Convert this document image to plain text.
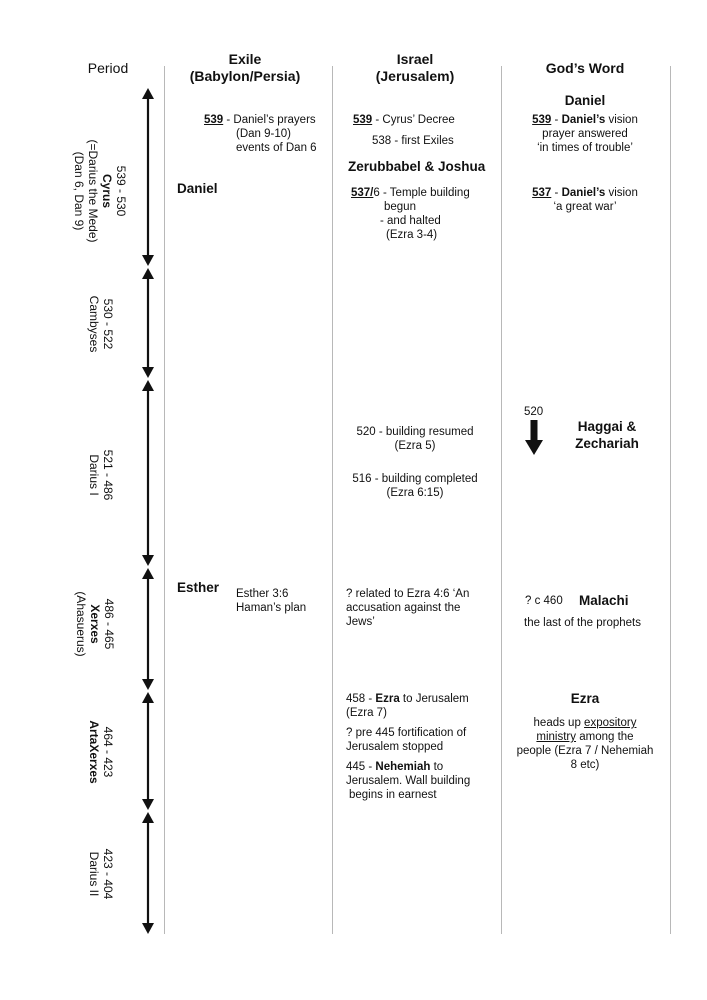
Period
Exile
(Babylon/Persia)
Israel
(Jerusalem)	God’s Word
539 - 530
Cyrus
(=Darius the Mede)
(Dan 6, Dan 9)
530 - 522
Cambyses
521 - 486
Darius I
486 - 465
Xerxes
(Ahasuerus)
464 - 423
ArtaXerxes
423 - 404
Darius II
539 - Daniel’s prayers
(Dan 9-10)
events of Dan 6
Daniel
Esther Esther 3:6
Haman’s plan
539 - Cyrus’ Decree
538 - first Exiles
Zerubbabel & Joshua
537/6 - Temple building
begun
- and halted
(Ezra 3-4)
520 - building resumed
(Ezra 5)
516 - building completed
(Ezra 6:15)
? related to Ezra 4:6 ‘An
accusation against the
Jews’
458 - Ezra to Jerusalem
(Ezra 7)
? pre 445 fortification of
Jerusalem stopped
445 - Nehemiah to
Jerusalem. Wall building
begins in earnest
Daniel
539 - Daniel’s vision
prayer answered
‘in times of trouble’
537 - Daniel’s vision
‘a great war’
520
Haggai &
Zechariah
? c 460 Malachi
the last of the prophets
Ezra
heads up expository
ministry among the
people (Ezra 7 / Nehemiah
8 etc)
